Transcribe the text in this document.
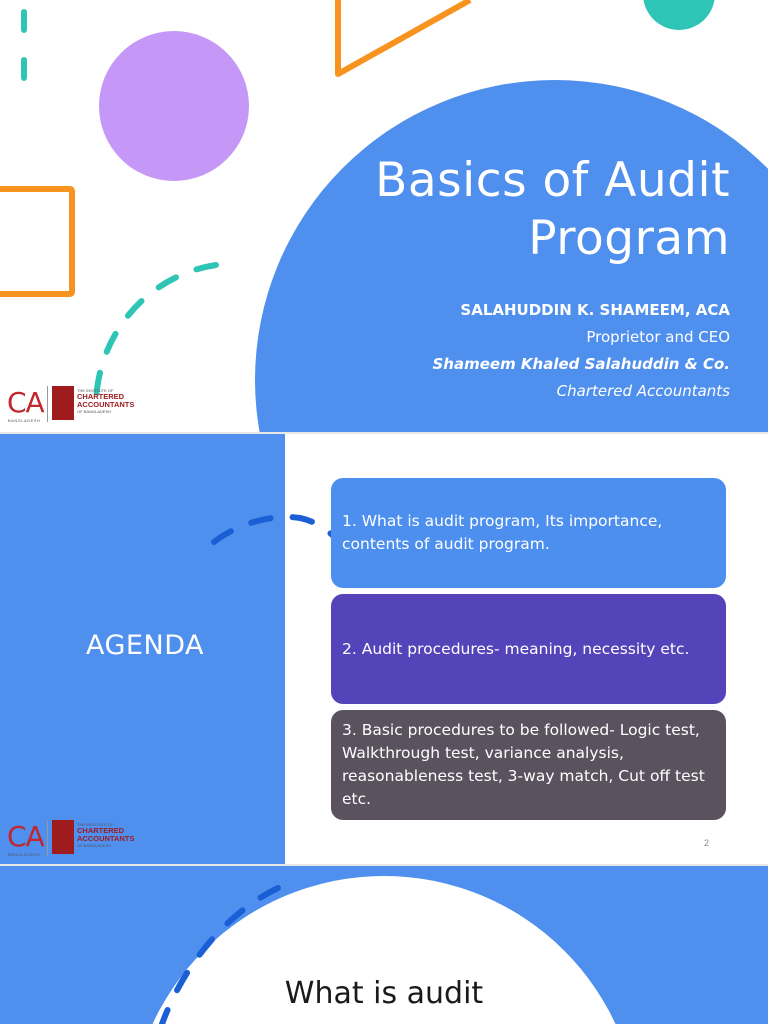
Basics of Audit
Program
SALAHUDDIN K. SHAMEEM, ACA
Proprietor and CEO
Shameem Khaled Salahuddin & Co.
Chartered Accountants
CA
BANGLADESH
THE INSTITUTE OF
CHARTERED
ACCOUNTANTS
OF BANGLADESH
AGENDA
1. What is audit program, Its importance, contents of audit program.
2. Audit procedures- meaning, necessity etc.
3. Basic procedures to be followed- Logic test, Walkthrough test, variance analysis, reasonableness test, 3-way match, Cut off test etc.
2
CA
BANGLADESH
THE INSTITUTE OF
CHARTERED
ACCOUNTANTS
OF BANGLADESH
What is audit
